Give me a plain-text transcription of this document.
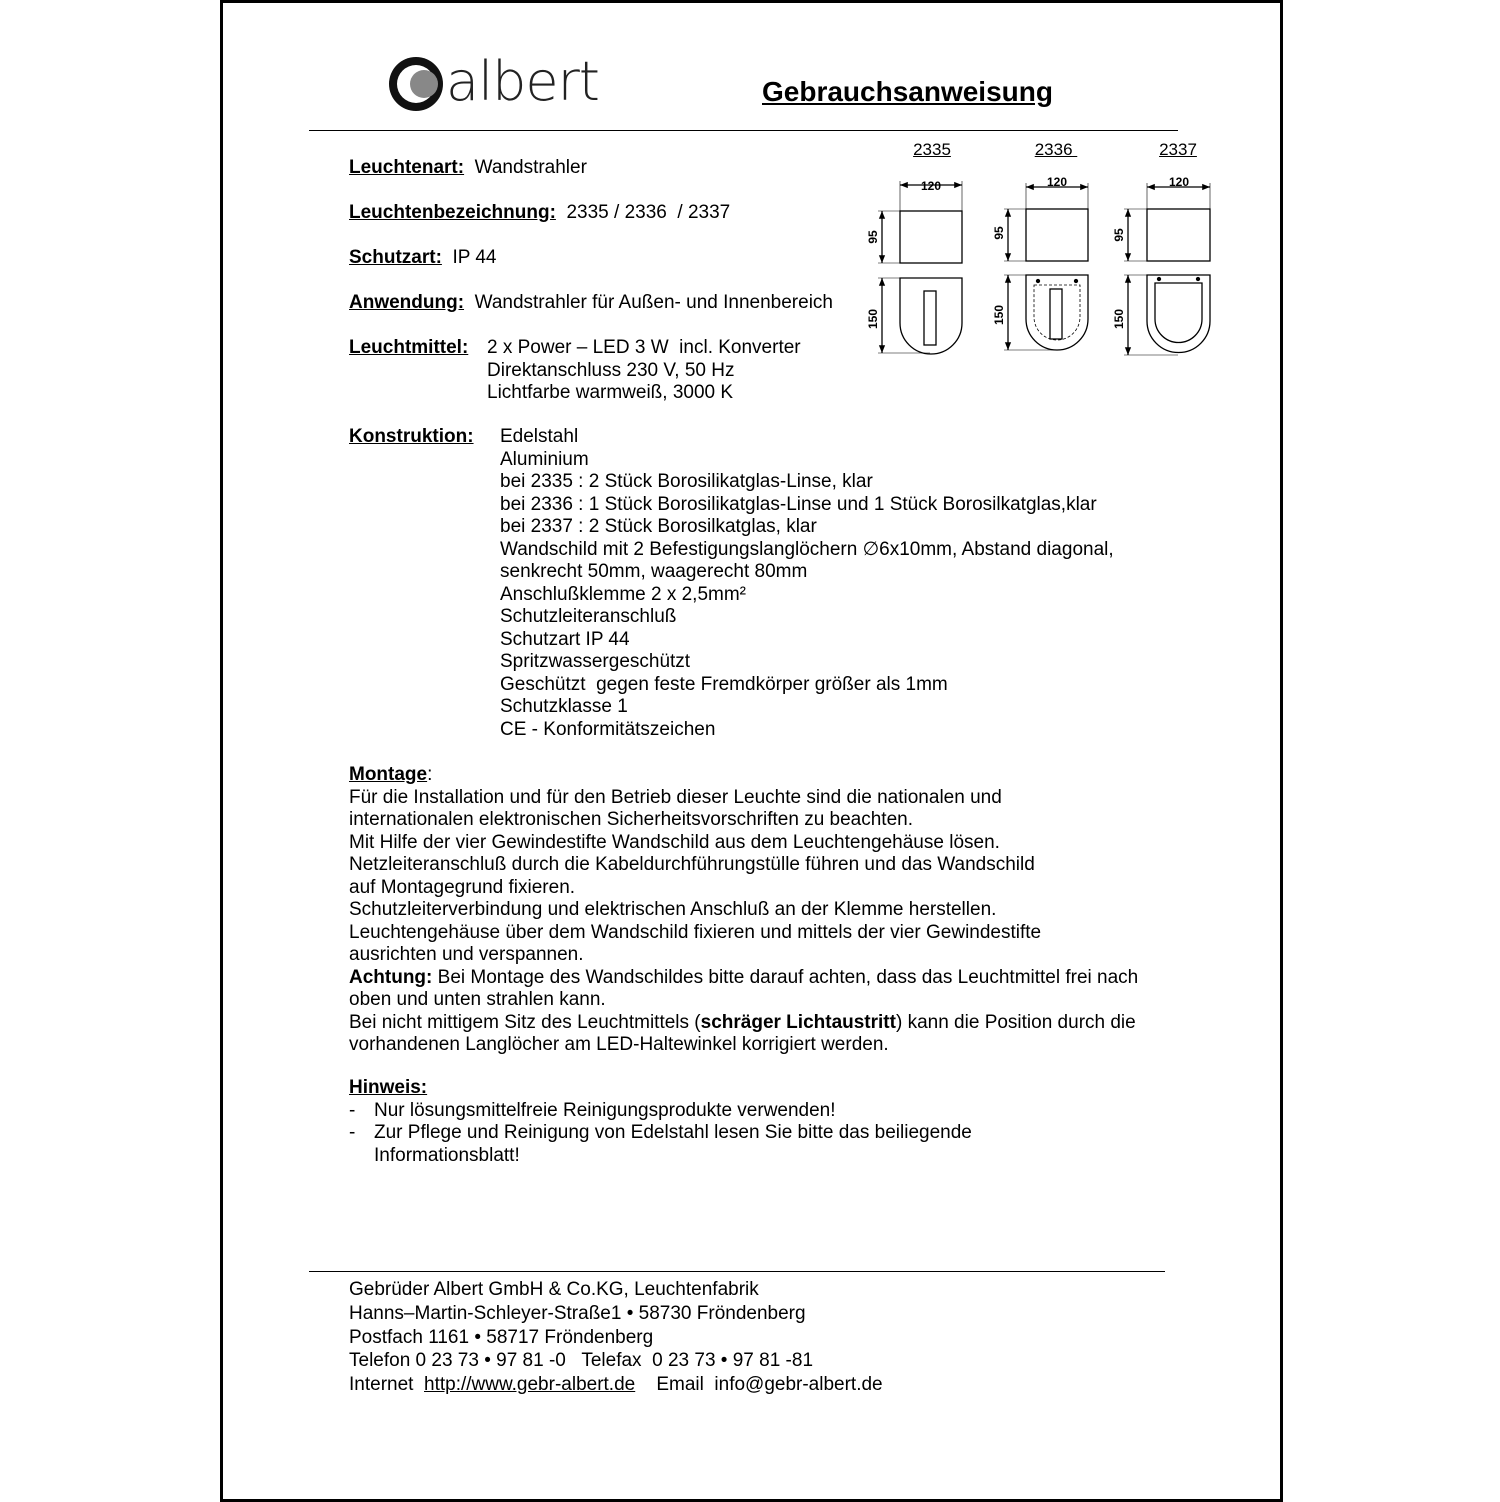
albert	Gebrauchsanweisung
Leuchtenart: Wandstrahler
Leuchtenbezeichnung: 2335 / 2336  / 2337
Schutzart: IP 44
Anwendung: Wandstrahler für Außen- und Innenbereich
Leuchtmittel: 2 x Power – LED 3 W  incl. Konverter
Direktanschluss 230 V, 50 Hz
Lichtfarbe warmweiß, 3000 K
Konstruktion: Edelstahl
Aluminium
bei 2335 : 2 Stück Borosilikatglas-Linse, klar
bei 2336 : 1 Stück Borosilikatglas-Linse und 1 Stück Borosilkatglas,klar
bei 2337 : 2 Stück Borosilkatglas, klar
Wandschild mit 2 Befestigungslanglöchern ∅6x10mm, Abstand diagonal,
senkrecht 50mm, waagerecht 80mm
Anschlußklemme 2 x 2,5mm²
Schutzleiteranschluß
Schutzart IP 44
Spritzwassergeschützt
Geschützt  gegen feste Fremdkörper größer als 1mm
Schutzklasse 1
CE - Konformitätszeichen
2335	2336	2337
120	120	120
95	95	95
150	150	150
Montage:
Für die Installation und für den Betrieb dieser Leuchte sind die nationalen und
internationalen elektronischen Sicherheitsvorschriften zu beachten.
Mit Hilfe der vier Gewindestifte Wandschild aus dem Leuchtengehäuse lösen.
Netzleiteranschluß durch die Kabeldurchführungstülle führen und das Wandschild
auf Montagegrund fixieren.
Schutzleiterverbindung und elektrischen Anschluß an der Klemme herstellen.
Leuchtengehäuse über dem Wandschild fixieren und mittels der vier Gewindestifte
ausrichten und verspannen.
Achtung: Bei Montage des Wandschildes bitte darauf achten, dass das Leuchtmittel frei nach
oben und unten strahlen kann.
Bei nicht mittigem Sitz des Leuchtmittels (schräger Lichtaustritt) kann die Position durch die
vorhandenen Langlöcher am LED-Haltewinkel korrigiert werden.
Hinweis:
- Nur lösungsmittelfreie Reinigungsprodukte verwenden!
- Zur Pflege und Reinigung von Edelstahl lesen Sie bitte das beiliegende
Informationsblatt!
Gebrüder Albert GmbH & Co.KG, Leuchtenfabrik
Hanns–Martin-Schleyer-Straße1 • 58730 Fröndenberg
Postfach 1161 • 58717 Fröndenberg
Telefon 0 23 73 • 97 81 -0   Telefax  0 23 73 • 97 81 -81
Internet  http://www.gebr-albert.de    Email  info@gebr-albert.de
